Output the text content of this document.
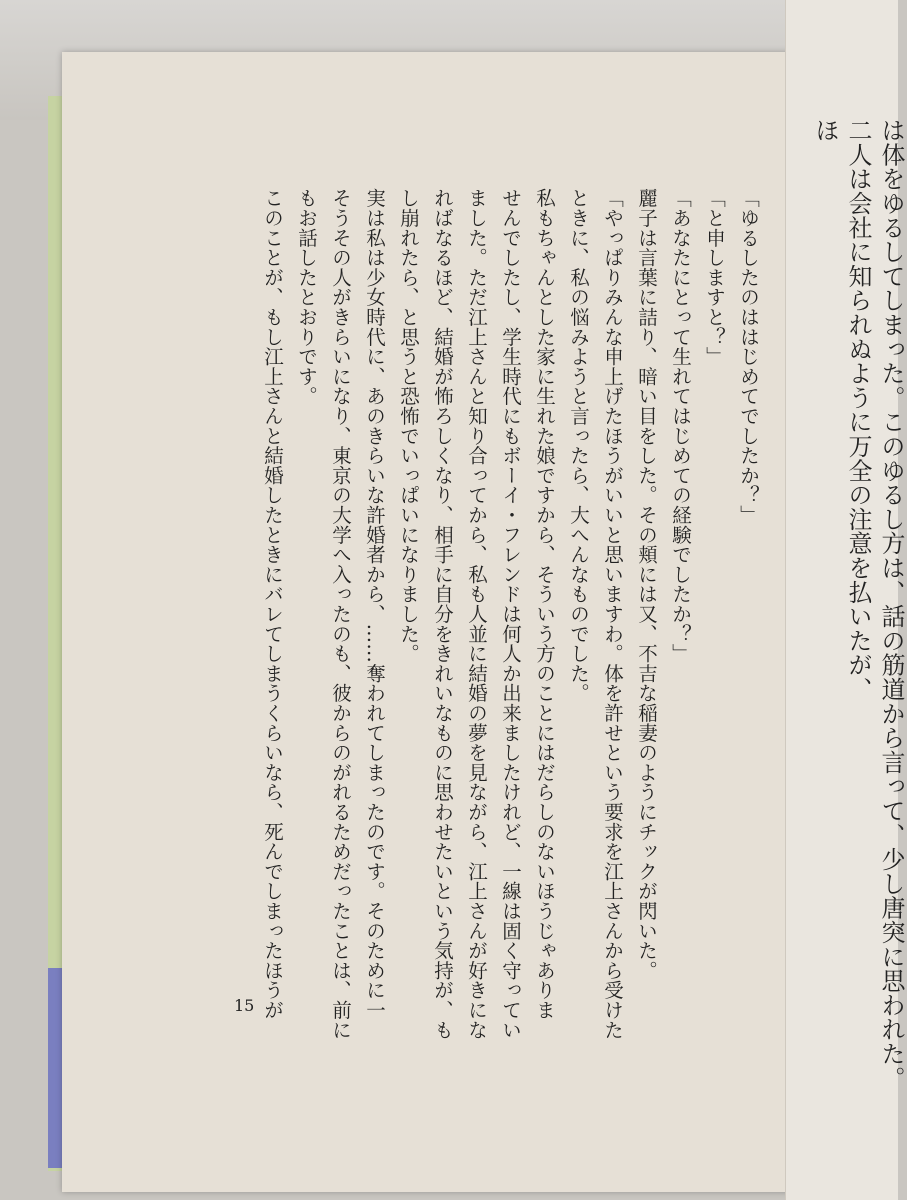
「ゆるしたのははじめてでしたか？」
「と申しますと？」
「あなたにとって生れてはじめての経験でしたか？」
麗子は言葉に詰り、暗い目をした。その頬には又、不吉な稲妻のようにチックが閃いた。
「やっぱりみんな申上げたほうがいいと思いますわ。体を許せという要求を江上さんから受けた
ときに、私の悩みようと言ったら、大へんなものでした。
私もちゃんとした家に生れた娘ですから、そういう方のことにはだらしのないほうじゃありま
せんでしたし、学生時代にもボーイ・フレンドは何人か出来ましたけれど、一線は固く守ってい
ました。ただ江上さんと知り合ってから、私も人並に結婚の夢を見ながら、江上さんが好きにな
ればなるほど、結婚が怖ろしくなり、相手に自分をきれいなものに思わせたいという気持が、も
し崩れたら、と思うと恐怖でいっぱいになりました。
実は私は少女時代に、あのきらいな許婚者から、……奪われてしまったのです。そのために一
そうその人がきらいになり、東京の大学へ入ったのも、彼からのがれるためだったことは、前に
もお話したとおりです。
このことが、もし江上さんと結婚したときにバレてしまうくらいなら、死んでしまったほうが
15	は体をゆるしてしまった。このゆるし方は、話の筋道から言って、少し唐突に思われた。
二人は会社に知られぬように万全の注意を払いたが、
ほ
